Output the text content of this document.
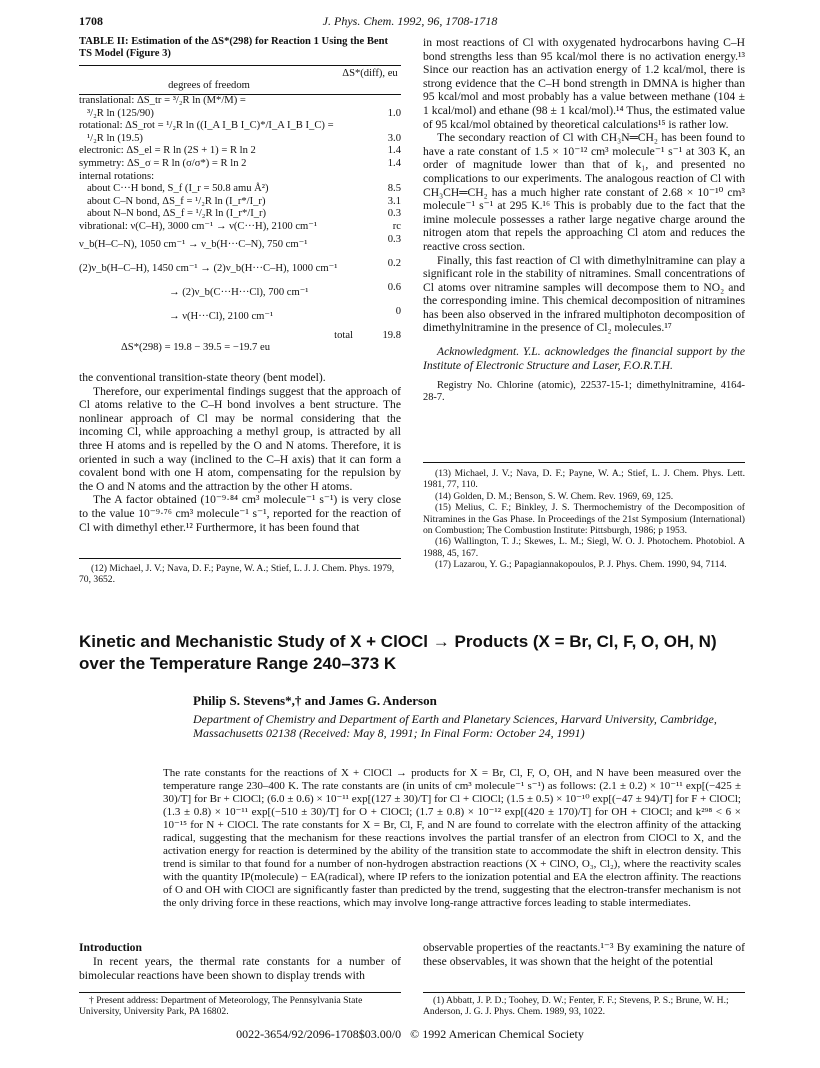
1708	J. Phys. Chem. 1992, 96, 1708-1718
TABLE II: Estimation of the ΔS*(298) for Reaction 1 Using the Bent TS Model (Figure 3)
degrees of freedom
ΔS*(diff), eu
translational: ΔS_tr = ³/₂R ln (M*/M) =	
³/₂R ln (125/90)	1.0
rotational: ΔS_rot = ¹/₂R ln ((I_A I_B I_C)*/I_A I_B I_C) =	
¹/₂R ln (19.5)	3.0
electronic: ΔS_el = R ln (2S + 1) = R ln 2	1.4
symmetry: ΔS_σ = R ln (σ/σ*) = R ln 2	1.4
internal rotations:	
about C···H bond, S_f (I_r = 50.8 amu Å²)	8.5
about C–N bond, ΔS_f = ¹/₂R ln (I_r*/I_r)	3.1
about N–N bond, ΔS_f = ¹/₂R ln (I_r*/I_r)	0.3
vibrational: ν(C–H), 3000 cm⁻¹ → ν(C···H), 2100 cm⁻¹	rc
ν_b(H–C–N), 1050 cm⁻¹ → ν_b(H···C–N), 750 cm⁻¹	0.3
(2)ν_b(H–C–H), 1450 cm⁻¹ → (2)ν_b(H···C–H), 1000 cm⁻¹	0.2
→ (2)ν_b(C···H···Cl), 700 cm⁻¹	0.6
→ ν(H···Cl), 2100 cm⁻¹	0
total	19.8
ΔS*(298) = 19.8 − 39.5 = −19.7 eu

the conventional transition-state theory (bent model).

Therefore, our experimental findings suggest that the approach of Cl atoms relative to the C–H bond involves a bent structure. The nonlinear approach of Cl may be normal considering that the incoming Cl, while approaching a methyl group, is attracted by all three H atoms and is repelled by the O and N atoms. Therefore, it is oriented in such a way (inclined to the C–H axis) that it can form a covalent bond with one H atom, compensating for the repulsion by the O and N atoms and the attraction by the other H atoms.

The A factor obtained (10⁻⁹·⁸⁴ cm³ molecule⁻¹ s⁻¹) is very close to the value 10⁻⁹·⁷⁶ cm³ molecule⁻¹ s⁻¹, reported for the reaction of Cl with dimethyl ether.¹² Furthermore, it has been found that

(12) Michael, J. V.; Nava, D. F.; Payne, W. A.; Stief, L. J. J. Chem. Phys. 1979, 70, 3652.

in most reactions of Cl with oxygenated hydrocarbons having C–H bond strengths less than 95 kcal/mol there is no activation energy.¹³ Since our reaction has an activation energy of 1.2 kcal/mol, there is strong evidence that the C–H bond strength in DMNA is higher than 95 kcal/mol and most probably has a value between methane (104 ± 1 kcal/mol) and ethane (98 ± 1 kcal/mol).¹⁴ Thus, the estimated value of 95 kcal/mol obtained by theoretical calculations¹⁵ is rather low.

The secondary reaction of Cl with CH₃N═CH₂ has been found to have a rate constant of 1.5 × 10⁻¹² cm³ molecule⁻¹ s⁻¹ at 303 K, an order of magnitude lower than that of k₁, and presented no complications to our experiments. The analogous reaction of Cl with CH₃CH═CH₂ has a much higher rate constant of 2.68 × 10⁻¹⁰ cm³ molecule⁻¹ s⁻¹ at 295 K.¹⁶ This is probably due to the fact that the imine molecule possesses a rather large negative charge around the nitrogen atom that repels the approaching Cl atom and reduces the reactive cross section.

Finally, this fast reaction of Cl with dimethylnitramine can play a significant role in the stability of nitramines. Small concentrations of Cl atoms over nitramine samples will decompose them to NO₂ and the corresponding imine. This chemical decomposition of nitramines has been also observed in the infrared multiphoton decomposition of dimethylnitramine in the presence of Cl₂ molecules.¹⁷

Acknowledgment. Y.L. acknowledges the financial support by the Institute of Electronic Structure and Laser, F.O.R.T.H.

Registry No. Chlorine (atomic), 22537-15-1; dimethylnitramine, 4164-28-7.

(13) Michael, J. V.; Nava, D. F.; Payne, W. A.; Stief, L. J. Chem. Phys. Lett. 1981, 77, 110.
(14) Golden, D. M.; Benson, S. W. Chem. Rev. 1969, 69, 125.
(15) Melius, C. F.; Binkley, J. S. Thermochemistry of the Decomposition of Nitramines in the Gas Phase. In Proceedings of the 21st Symposium (International) on Combustion; The Combustion Institute: Pittsburgh, 1986; p 1953.
(16) Wallington, T. J.; Skewes, L. M.; Siegl, W. O. J. Photochem. Photobiol. A 1988, 45, 167.
(17) Lazarou, Y. G.; Papagiannakopoulos, P. J. Phys. Chem. 1990, 94, 7114.
Kinetic and Mechanistic Study of X + ClOCl → Products (X = Br, Cl, F, O, OH, N)
over the Temperature Range 240–373 K
Philip S. Stevens*,† and James G. Anderson
Department of Chemistry and Department of Earth and Planetary Sciences, Harvard University, Cambridge, Massachusetts 02138 (Received: May 8, 1991; In Final Form: October 24, 1991)
The rate constants for the reactions of X + ClOCl → products for X = Br, Cl, F, O, OH, and N have been measured over the temperature range 230–400 K. The rate constants are (in units of cm³ molecule⁻¹ s⁻¹) as follows: (2.1 ± 0.2) × 10⁻¹¹ exp[(−425 ± 30)/T] for Br + ClOCl; (6.0 ± 0.6) × 10⁻¹¹ exp[(127 ± 30)/T] for Cl + ClOCl; (1.5 ± 0.5) × 10⁻¹⁰ exp[(−47 ± 94)/T] for F + ClOCl; (1.3 ± 0.8) × 10⁻¹¹ exp[(−510 ± 30)/T] for O + ClOCl; (1.7 ± 0.8) × 10⁻¹² exp[(420 ± 170)/T] for OH + ClOCl; and k²⁹⁸ < 6 × 10⁻¹⁵ for N + ClOCl. The rate constants for X = Br, Cl, F, and N are found to correlate with the electron affinity of the attacking radical, suggesting that the mechanism for these reactions involves the partial transfer of an electron from ClOCl to X, and the activation energy for reaction is determined by the ability of the transition state to accommodate the shift in electron density. This trend is similar to that found for a number of non-hydrogen abstraction reactions (X + ClNO, O₃, Cl₂), where the reactivity scales with the quantity IP(molecule) − EA(radical), where IP refers to the ionization potential and EA the electron affinity. The reactions of O and OH with ClOCl are significantly faster than predicted by the trend, suggesting that the electron-transfer mechanism is not the only driving force in these reactions, which may involve long-range attractive forces leading to stable intermediates.
Introduction
In recent years, the thermal rate constants for a number of bimolecular reactions have been shown to display trends with
observable properties of the reactants.¹⁻³ By examining the nature of these observables, it was shown that the height of the potential
† Present address: Department of Meteorology, The Pennsylvania State University, University Park, PA 16802.
(1) Abbatt, J. P. D.; Toohey, D. W.; Fenter, F. F.; Stevens, P. S.; Brune, W. H.; Anderson, J. G. J. Phys. Chem. 1989, 93, 1022.
0022-3654/92/2096-1708$03.00/0   © 1992 American Chemical Society
